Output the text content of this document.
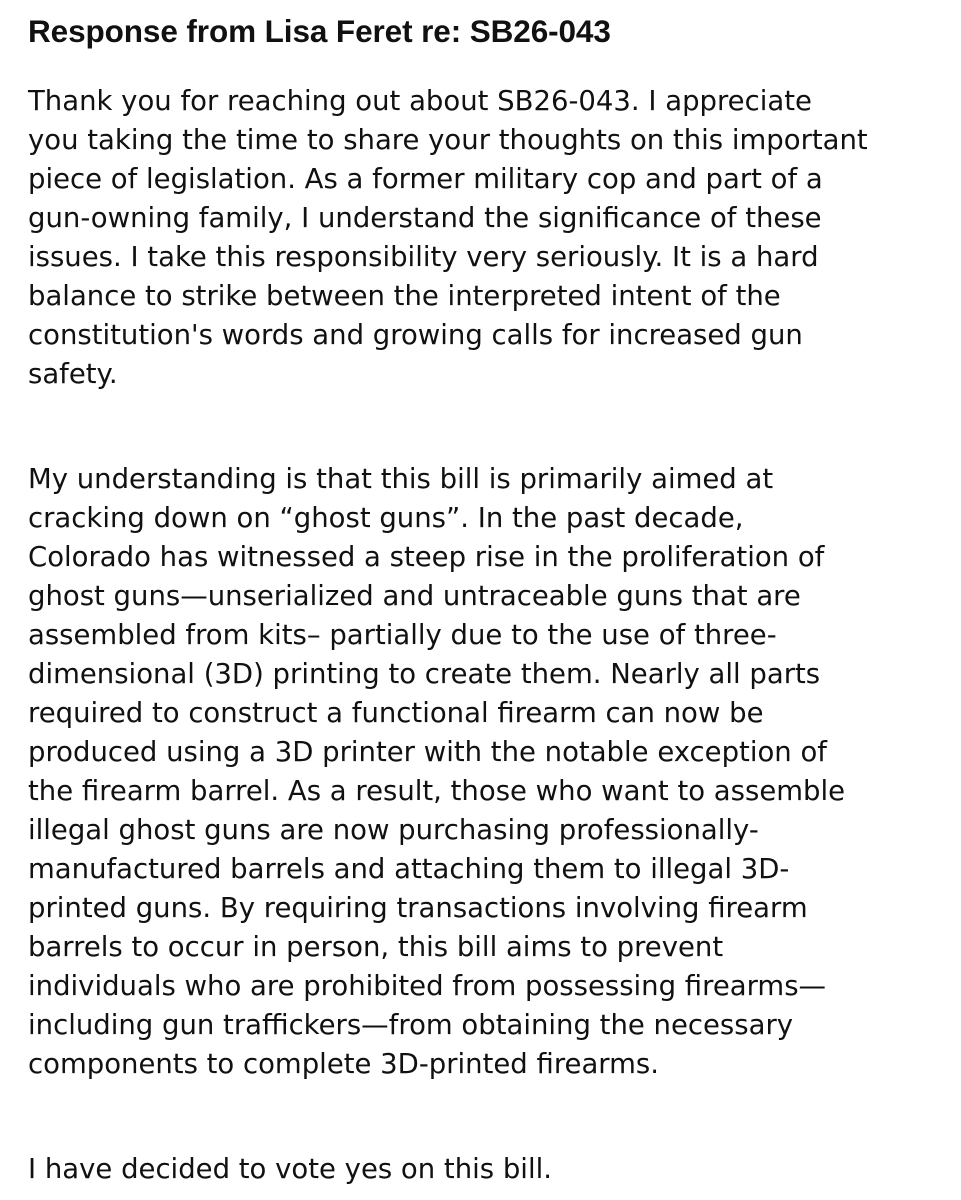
Response from Lisa Feret re: SB26-043

Thank you for reaching out about SB26-043. I appreciate

you taking the time to share your thoughts on this important

piece of legislation. As a former military cop and part of a

gun-owning family, I understand the significance of these

issues. I take this responsibility very seriously. It is a hard

balance to strike between the interpreted intent of the

constitution's words and growing calls for increased gun

safety.

My understanding is that this bill is primarily aimed at

cracking down on “ghost guns”. In the past decade,

Colorado has witnessed a steep rise in the proliferation of

ghost guns—unserialized and untraceable guns that are

assembled from kits– partially due to the use of three-

dimensional (3D) printing to create them. Nearly all parts

required to construct a functional firearm can now be

produced using a 3D printer with the notable exception of

the firearm barrel. As a result, those who want to assemble

illegal ghost guns are now purchasing professionally-

manufactured barrels and attaching them to illegal 3D-

printed guns. By requiring transactions involving firearm

barrels to occur in person, this bill aims to prevent

individuals who are prohibited from possessing firearms—

including gun traffickers—from obtaining the necessary

components to complete 3D-printed firearms.

I have decided to vote yes on this bill.
